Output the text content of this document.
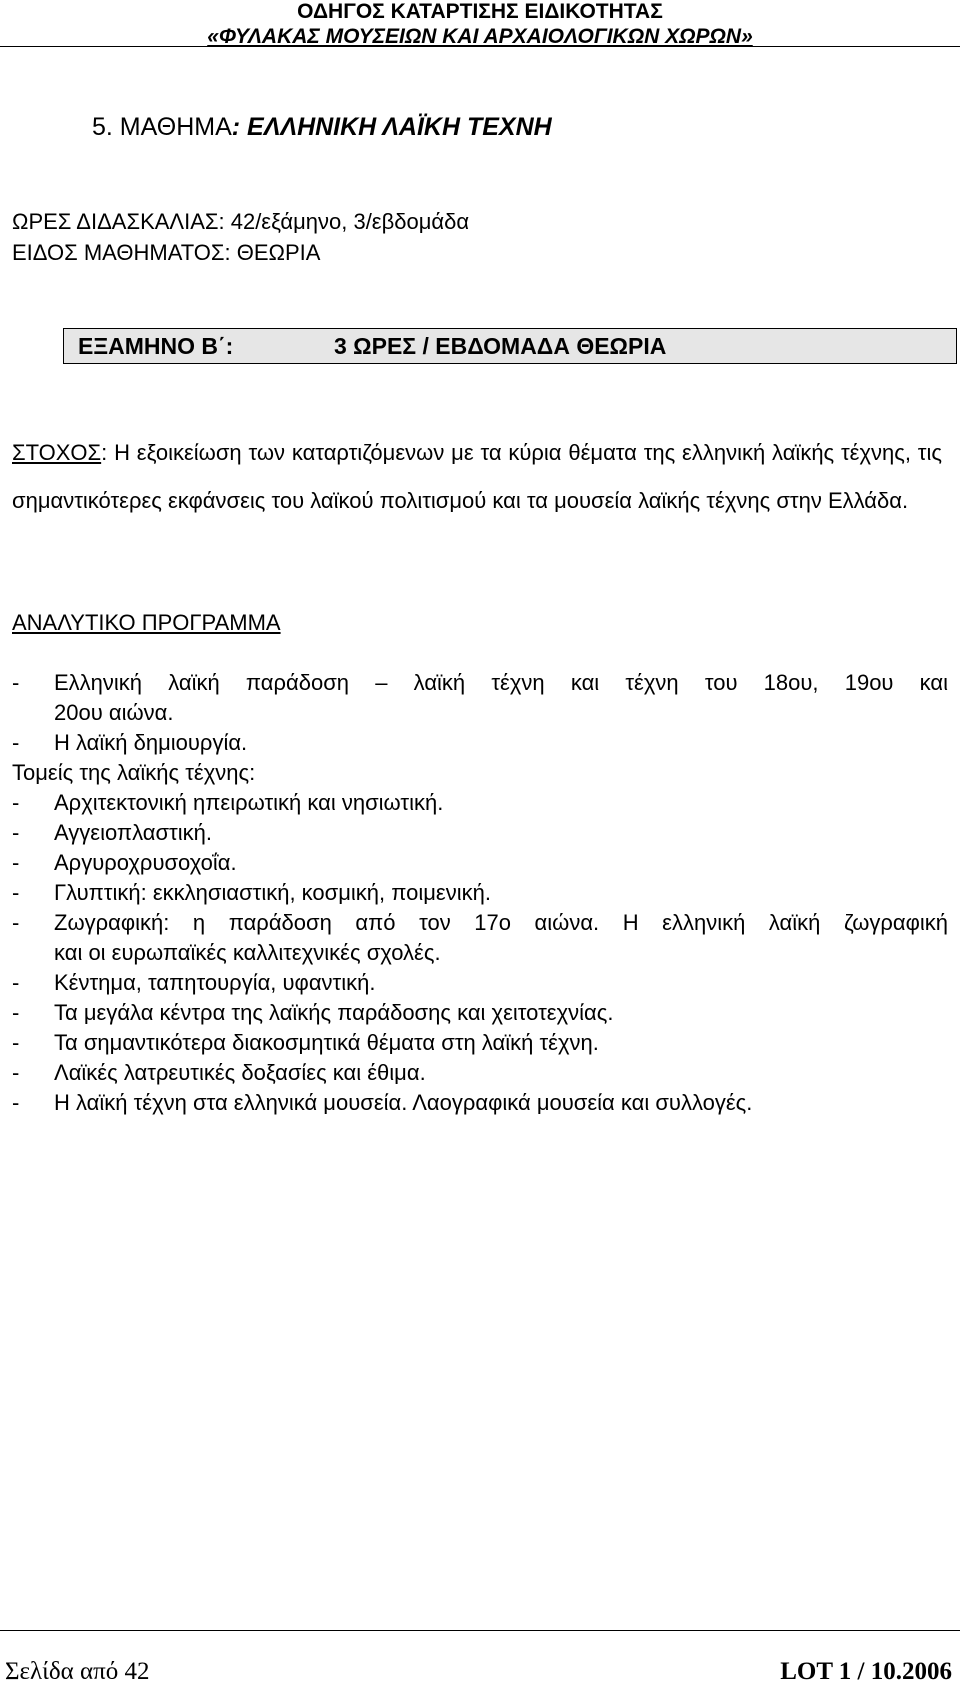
ΟΔΗΓΟΣ ΚΑΤΑΡΤΙΣΗΣ ΕΙΔΙΚΟΤΗΤΑΣ
«ΦΥΛΑΚΑΣ ΜΟΥΣΕΙΩΝ ΚΑΙ ΑΡΧΑΙΟΛΟΓΙΚΩΝ ΧΩΡΩΝ»
5. ΜΑΘΗΜΑ: ΕΛΛΗΝΙΚΗ ΛΑΪΚΗ ΤΕΧΝΗ
ΩΡΕΣ ΔΙΔΑΣΚΑΛΙΑΣ: 42/εξάμηνο, 3/εβδομάδα
ΕΙΔΟΣ ΜΑΘΗΜΑΤΟΣ: ΘΕΩΡΙΑ
ΕΞΑΜΗΝΟ Β΄:	3 ΩΡΕΣ / ΕΒΔΟΜΑΔΑ ΘΕΩΡΙΑ
ΣΤΟΧΟΣ: Η εξοικείωση των καταρτιζόμενων με τα κύρια θέματα της ελληνική λαϊκής τέχνης, τις σημαντικότερες εκφάνσεις του λαϊκού πολιτισμού και τα μουσεία λαϊκής τέχνης στην Ελλάδα.
ΑΝΑΛΥΤΙΚΟ ΠΡΟΓΡΑΜΜΑ
- Ελληνική λαϊκή παράδοση – λαϊκή τέχνη και τέχνη του 18ου, 19ου και
20ου αιώνα.
- Η λαϊκή δημιουργία.
Τομείς της λαϊκής τέχνης:
- Αρχιτεκτονική ηπειρωτική και νησιωτική.
- Αγγειοπλαστική.
- Αργυροχρυσοχοΐα.
- Γλυπτική: εκκλησιαστική, κοσμική, ποιμενική.
- Ζωγραφική: η παράδοση από τον 17ο αιώνα. Η ελληνική λαϊκή ζωγραφική
και οι ευρωπαϊκές καλλιτεχνικές σχολές.
- Κέντημα, ταπητουργία, υφαντική.
- Τα μεγάλα κέντρα της λαϊκής παράδοσης και χειτοτεχνίας.
- Τα σημαντικότερα διακοσμητικά θέματα στη λαϊκή τέχνη.
- Λαϊκές λατρευτικές δοξασίες και έθιμα.
- Η λαϊκή τέχνη στα ελληνικά μουσεία. Λαογραφικά μουσεία και συλλογές.
Σελίδα από 42	LOT 1 / 10.2006
